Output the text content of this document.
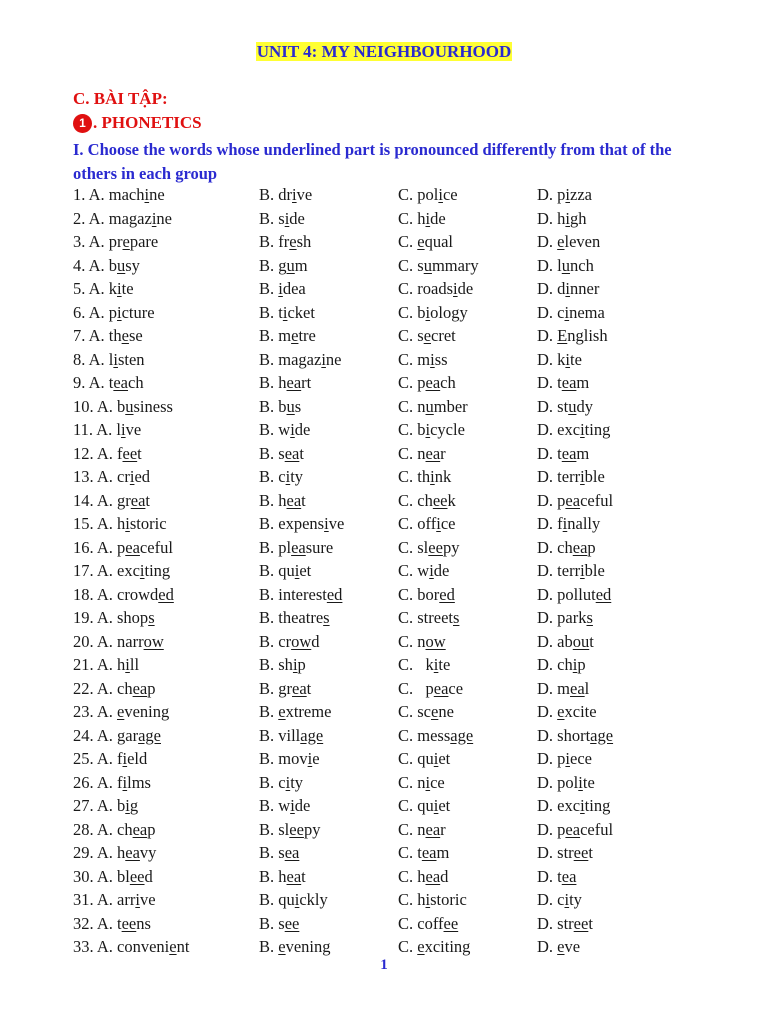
UNIT 4: MY NEIGHBOURHOOD
C. BÀI TẬP:
1 . PHONETICS
I. Choose the words whose underlined part is pronounced differently from that of the others in each group
1. A. machine	B. drive	C. police	D. pizza
2. A. magazine	B. side	C. hide	D. high
3. A. prepare	B. fresh	C. equal	D. eleven
4. A. busy	B. gum	C. summary	D. lunch
5. A. kite	B. idea	C. roadside	D. dinner
6. A. picture	B. ticket	C. biology	D. cinema
7. A. these	B. metre	C. secret	D. English
8. A. listen	B. magazine	C. miss	D. kite
9. A. teach	B. heart	C. peach	D. team
10. A. business	B. bus	C. number	D. study
11. A. live	B. wide	C. bicycle	D. exciting
12. A. feet	B. seat	C. near	D. team
13. A. cried	B. city	C. think	D. terrible
14. A. great	B. heat	C. cheek	D. peaceful
15. A. historic	B. expensive	C. office	D. finally
16. A. peaceful	B. pleasure	C. sleepy	D. cheap
17. A. exciting	B. quiet	C. wide	D. terrible
18. A. crowded	B. interested	C. bored	D. polluted
19. A. shops	B. theatres	C. streets	D. parks
20. A. narrow	B. crowd	C. now	D. about
21. A. hill	B. ship	C.   kite	D. chip
22. A. cheap	B. great	C.   peace	D. meal
23. A. evening	B. extreme	C. scene	D. excite
24. A. garage	B. village	C. message	D. shortage
25. A. field	B. movie	C. quiet	D. piece
26. A. films	B. city	C. nice	D. polite
27. A. big	B. wide	C. quiet	D. exciting
28. A. cheap	B. sleepy	C. near	D. peaceful
29. A. heavy	B. sea	C. team	D. street
30. A. bleed	B. heat	C. head	D. tea
31. A. arrive	B. quickly	C. historic	D. city
32. A. teens	B. see	C. coffee	D. street
33. A. convenient	B. evening	C. exciting	D. eve
1
